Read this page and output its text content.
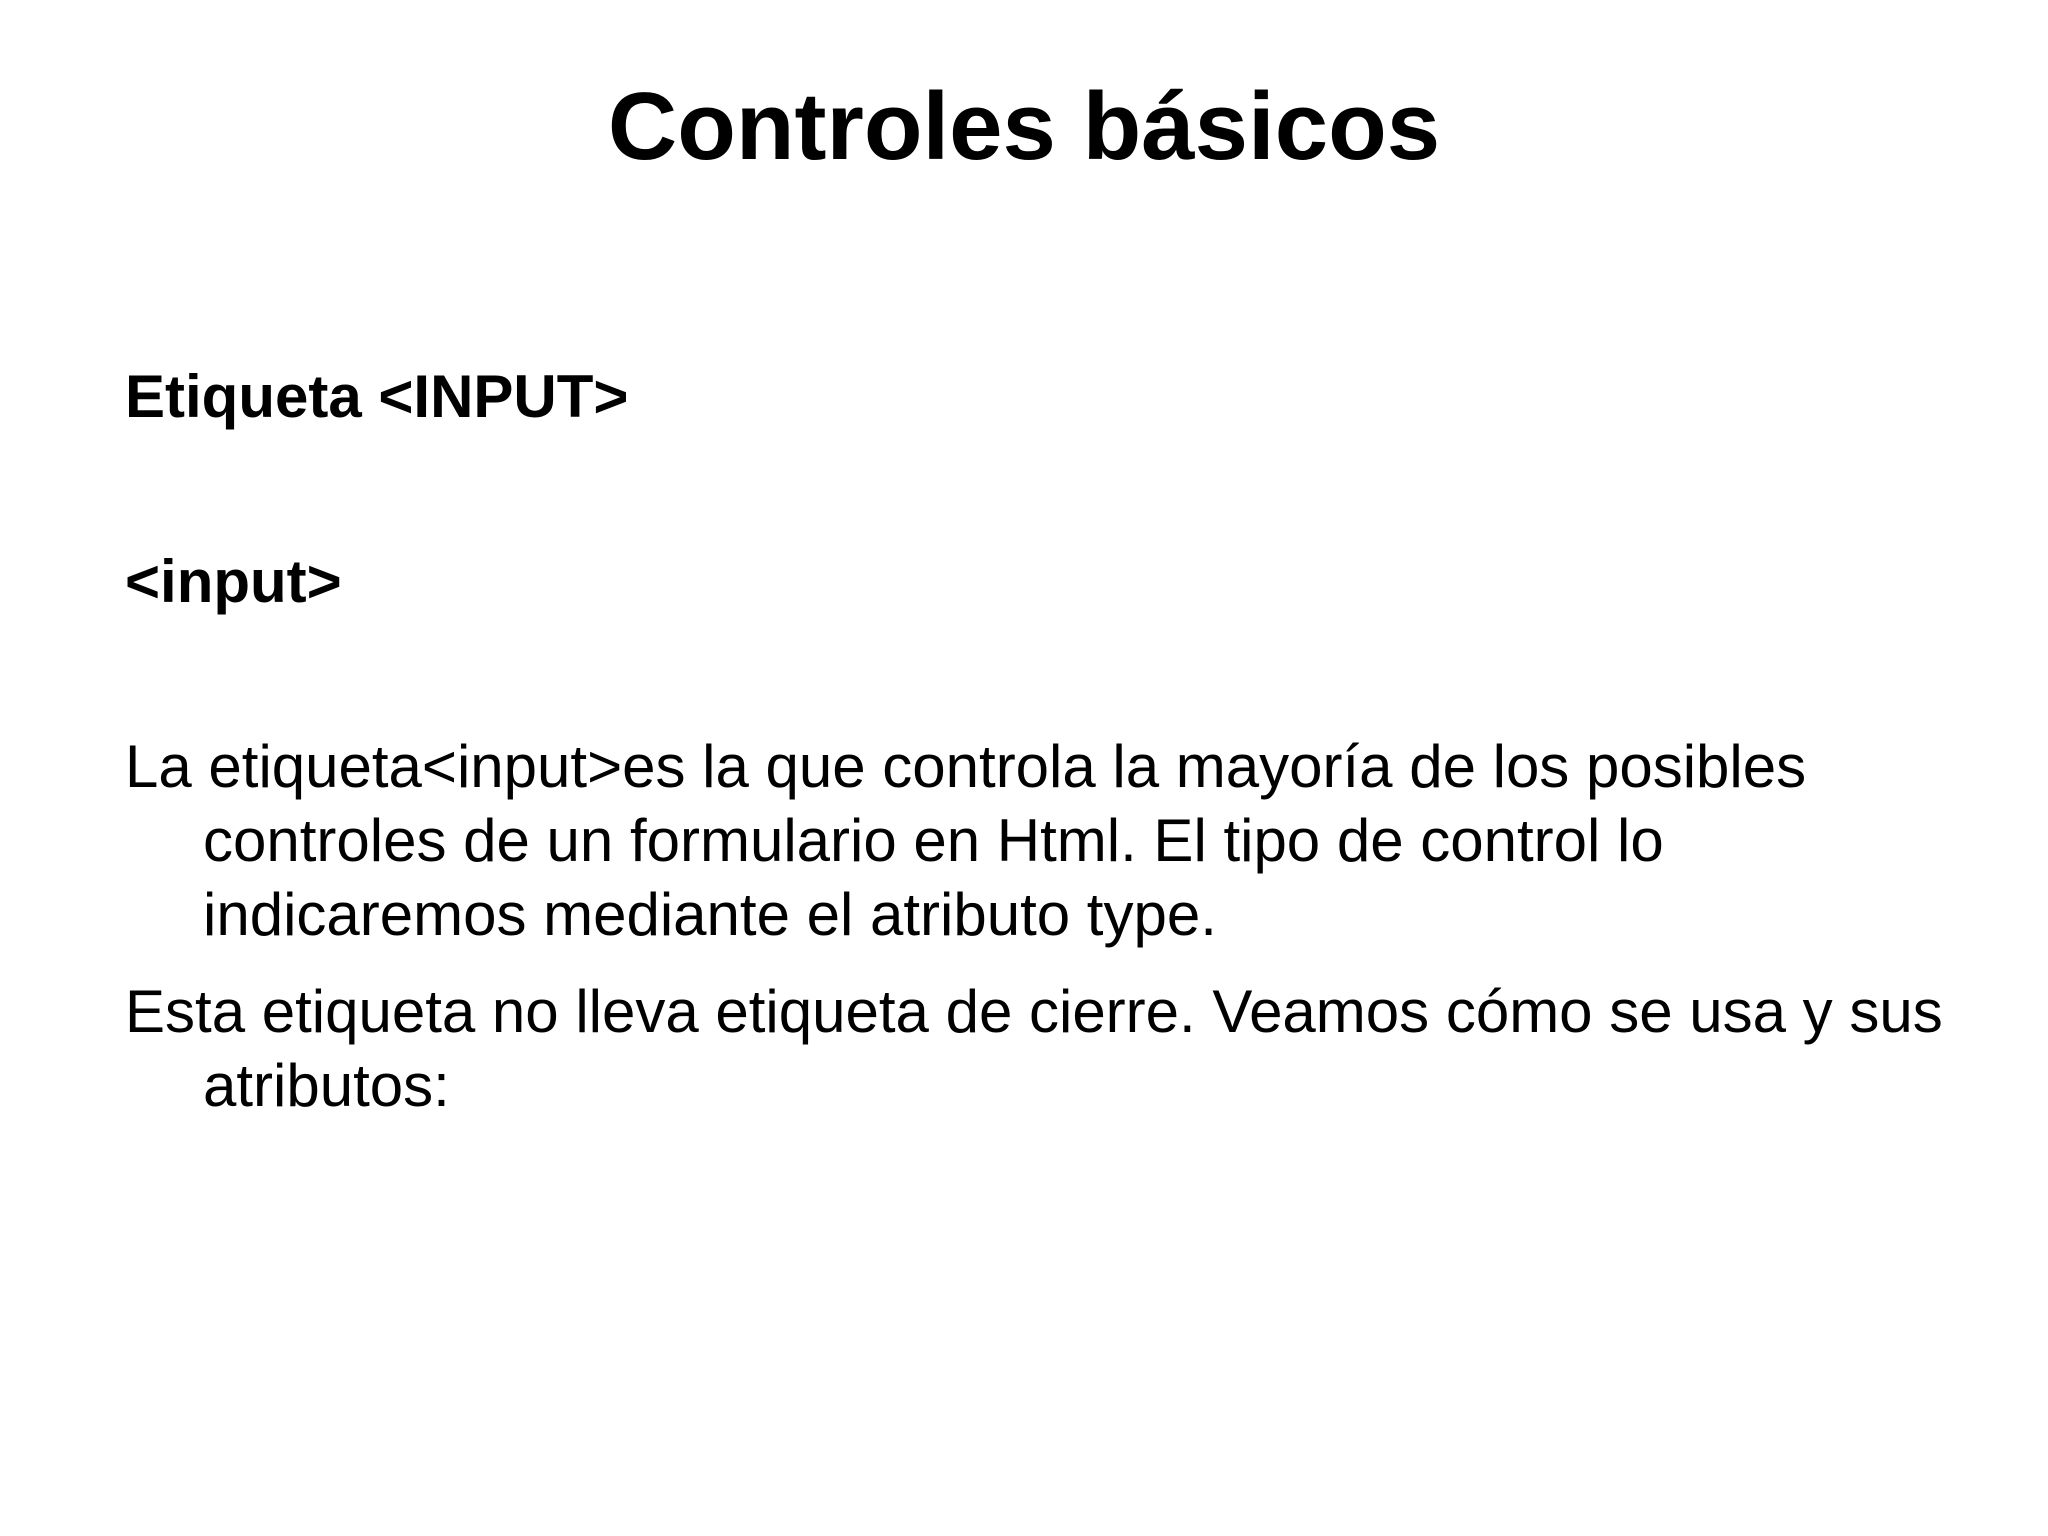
Controles básicos

Etiqueta <INPUT>

<input>

La etiqueta<input>es la que controla la mayoría de los posibles controles de un formulario en Html. El tipo de control lo indicaremos mediante el atributo type.

Esta etiqueta no lleva etiqueta de cierre. Veamos cómo se usa y sus atributos:
